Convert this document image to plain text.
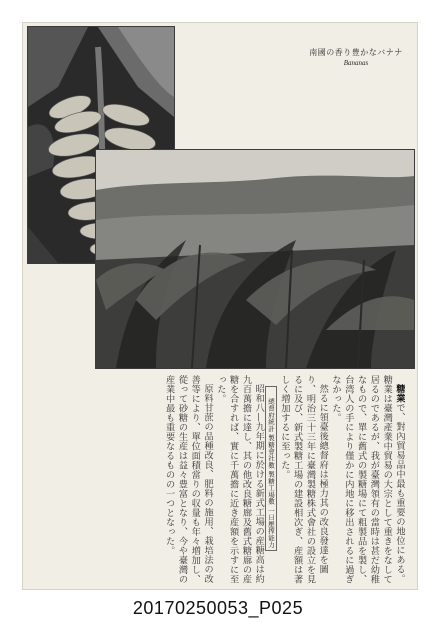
南國の香り豊かなバナナ
Bananas

糖業で、對內貿易品中最も重要の地位にある。糖業は臺灣產業中貿易の大宗として重きをなして居るのであるが、我が臺灣領有の當時は甚だ幼稚なもので、單に舊式の製糖場にて粗製品を製し、台湾人の手により僅かに内地に移出されるに過ぎなかった。

然るに領臺後總督府は極力其の改良發達を圖り、明治三十三年に臺灣製糖株式會社の設立を見るに及び、新式製糖工場の建設相次ぎ、産額は著しく増加するに至った。

總督府統計 製糖會社數 製糖工場數 一日壓搾能力

昭和八—九年期に於ける新式工場の産糖高は約九百萬擔に達し、其の他改良糖廍及舊式糖廍の産糖を合すれば、實に千萬擔に近き産額を示すに至った。

原料甘蔗の品種改良、肥料の施用、栽培法の改善等により、單位面積當りの収量も年々増加し、從って砂糖の生産は益々豊富となり、今や臺灣の産業中最も重要なるものの一つとなった。

20170250053_P025
